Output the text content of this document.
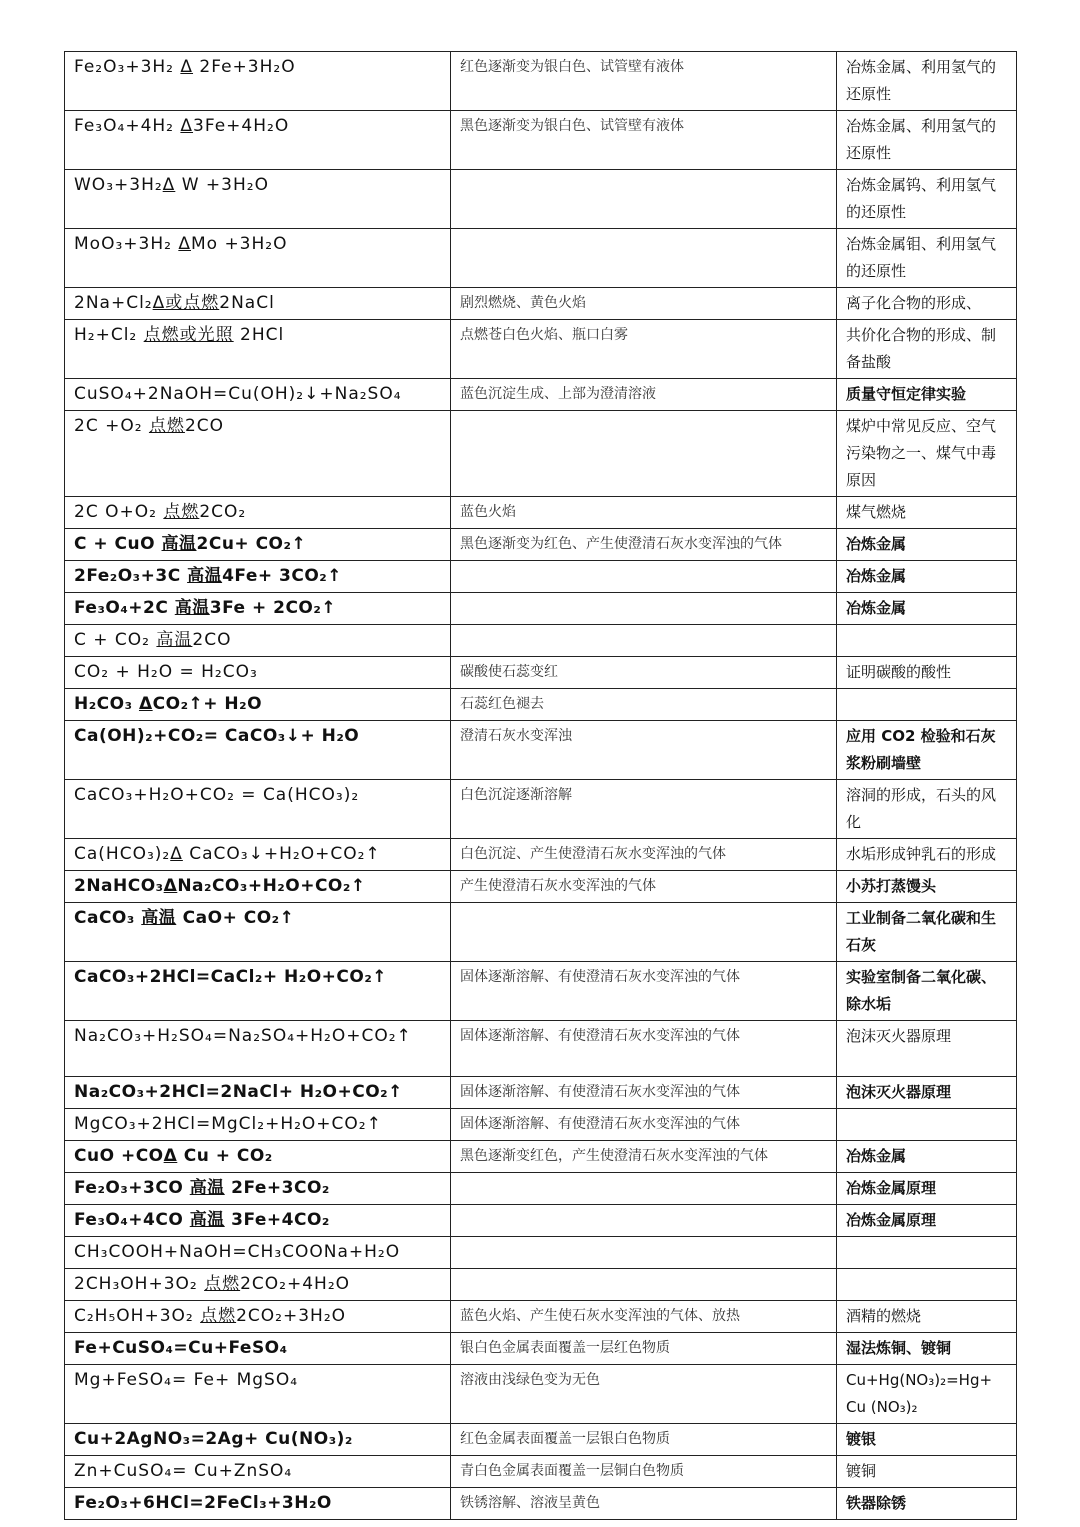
Fe₂O₃+3H₂ Δ 2Fe+3H₂O	红色逐渐变为银白色、试管壁有液体	冶炼金属、利用氢气的还原性
Fe₃O₄+4H₂ Δ3Fe+4H₂O	黑色逐渐变为银白色、试管壁有液体	冶炼金属、利用氢气的还原性
WO₃+3H₂Δ W +3H₂O		冶炼金属钨、利用氢气的还原性
MoO₃+3H₂ ΔMo +3H₂O		冶炼金属钼、利用氢气的还原性
2Na+Cl₂Δ或点燃2NaCl	剧烈燃烧、黄色火焰	离子化合物的形成、
H₂+Cl₂ 点燃或光照 2HCl	点燃苍白色火焰、瓶口白雾	共价化合物的形成、制备盐酸
CuSO₄+2NaOH=Cu(OH)₂↓+Na₂SO₄	蓝色沉淀生成、上部为澄清溶液	质量守恒定律实验
2C +O₂ 点燃2CO		煤炉中常见反应、空气污染物之一、煤气中毒原因
2C O+O₂ 点燃2CO₂	蓝色火焰	煤气燃烧
C + CuO 高温2Cu+ CO₂↑	黑色逐渐变为红色、产生使澄清石灰水变浑浊的气体	冶炼金属
2Fe₂O₃+3C 高温4Fe+ 3CO₂↑		冶炼金属
Fe₃O₄+2C 高温3Fe + 2CO₂↑		冶炼金属
C + CO₂ 高温2CO		
CO₂ + H₂O = H₂CO₃	碳酸使石蕊变红	证明碳酸的酸性
H₂CO₃ ΔCO₂↑+ H₂O	石蕊红色褪去	
Ca(OH)₂+CO₂= CaCO₃↓+ H₂O	澄清石灰水变浑浊	应用 CO2 检验和石灰浆粉刷墙壁
CaCO₃+H₂O+CO₂ = Ca(HCO₃)₂	白色沉淀逐渐溶解	溶洞的形成，石头的风化
Ca(HCO₃)₂Δ CaCO₃↓+H₂O+CO₂↑	白色沉淀、产生使澄清石灰水变浑浊的气体	水垢形成钟乳石的形成
2NaHCO₃ΔNa₂CO₃+H₂O+CO₂↑	产生使澄清石灰水变浑浊的气体	小苏打蒸馒头
CaCO₃ 高温 CaO+ CO₂↑		工业制备二氧化碳和生石灰
CaCO₃+2HCl=CaCl₂+ H₂O+CO₂↑	固体逐渐溶解、有使澄清石灰水变浑浊的气体	实验室制备二氧化碳、除水垢
Na₂CO₃+H₂SO₄=Na₂SO₄+H₂O+CO₂↑	固体逐渐溶解、有使澄清石灰水变浑浊的气体	泡沫灭火器原理
Na₂CO₃+2HCl=2NaCl+ H₂O+CO₂↑	固体逐渐溶解、有使澄清石灰水变浑浊的气体	泡沫灭火器原理
MgCO₃+2HCl=MgCl₂+H₂O+CO₂↑	固体逐渐溶解、有使澄清石灰水变浑浊的气体	
CuO +COΔ Cu + CO₂	黑色逐渐变红色，产生使澄清石灰水变浑浊的气体	冶炼金属
Fe₂O₃+3CO 高温 2Fe+3CO₂		冶炼金属原理
Fe₃O₄+4CO 高温 3Fe+4CO₂		冶炼金属原理
CH₃COOH+NaOH=CH₃COONa+H₂O		
2CH₃OH+3O₂ 点燃2CO₂+4H₂O		
C₂H₅OH+3O₂ 点燃2CO₂+3H₂O	蓝色火焰、产生使石灰水变浑浊的气体、放热	酒精的燃烧
Fe+CuSO₄=Cu+FeSO₄	银白色金属表面覆盖一层红色物质	湿法炼铜、镀铜
Mg+FeSO₄= Fe+ MgSO₄	溶液由浅绿色变为无色	Cu+Hg(NO₃)₂=Hg+ Cu (NO₃)₂
Cu+2AgNO₃=2Ag+ Cu(NO₃)₂	红色金属表面覆盖一层银白色物质	镀银
Zn+CuSO₄= Cu+ZnSO₄	青白色金属表面覆盖一层铜白色物质	镀铜
Fe₂O₃+6HCl=2FeCl₃+3H₂O	铁锈溶解、溶液呈黄色	铁器除锈
